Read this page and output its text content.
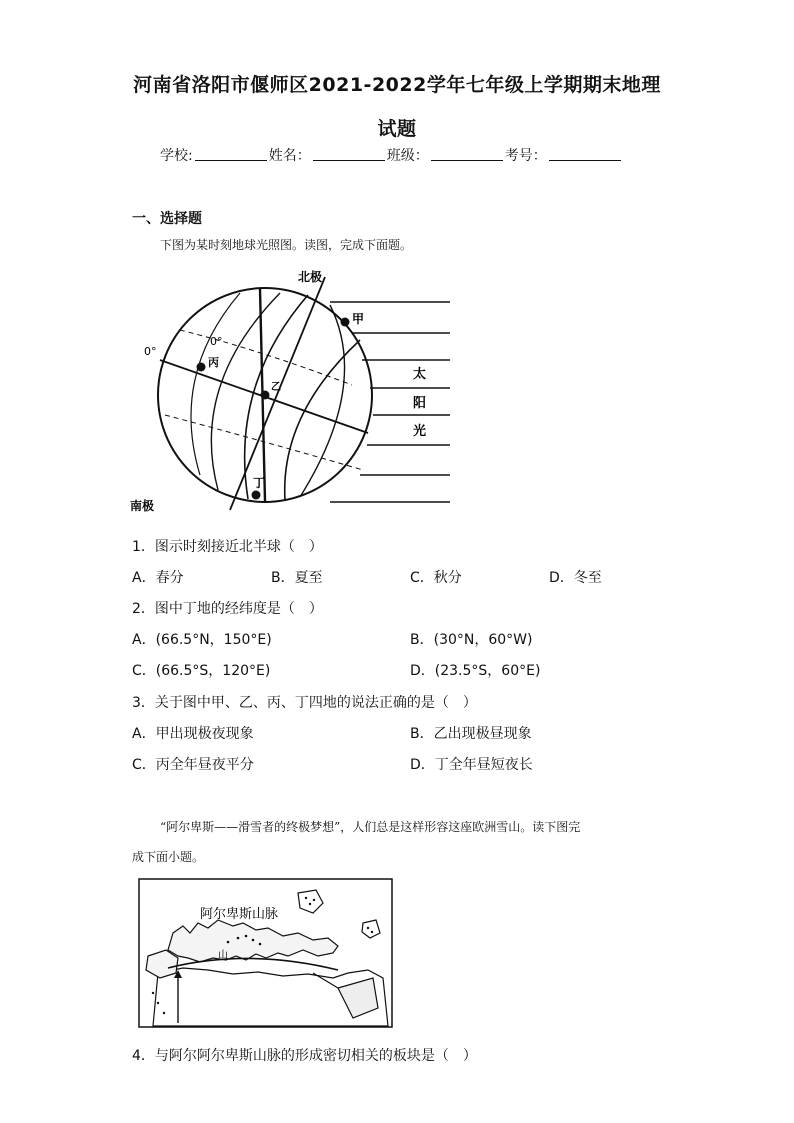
河南省洛阳市偃师区2021-2022学年七年级上学期期末地理
试题
学校:	姓名：	班级：	考号：
一、选择题
下图为某时刻地球光照图。读图，完成下面题。
北极
南极
甲
丙
乙
丁
0°
0°
太
阳
光
1．图示时刻接近北半球（　）
A．春分	B．夏至	C．秋分	D．冬至
2．图中丁地的经纬度是（　）
A．(66.5°N，150°E)	B．(30°N，60°W)
C．(66.5°S，120°E)	D．(23.5°S，60°E)
3．关于图中甲、乙、丙、丁四地的说法正确的是（　）
A．甲出现极夜现象	B．乙出现极昼现象
C．丙全年昼夜平分	D．丁全年昼短夜长
“阿尔卑斯——滑雪者的终极梦想”，人们总是这样形容这座欧洲雪山。读下图完
成下面小题。
阿尔卑斯山脉
山
4．与阿尔阿尔卑斯山脉的形成密切相关的板块是（　）
